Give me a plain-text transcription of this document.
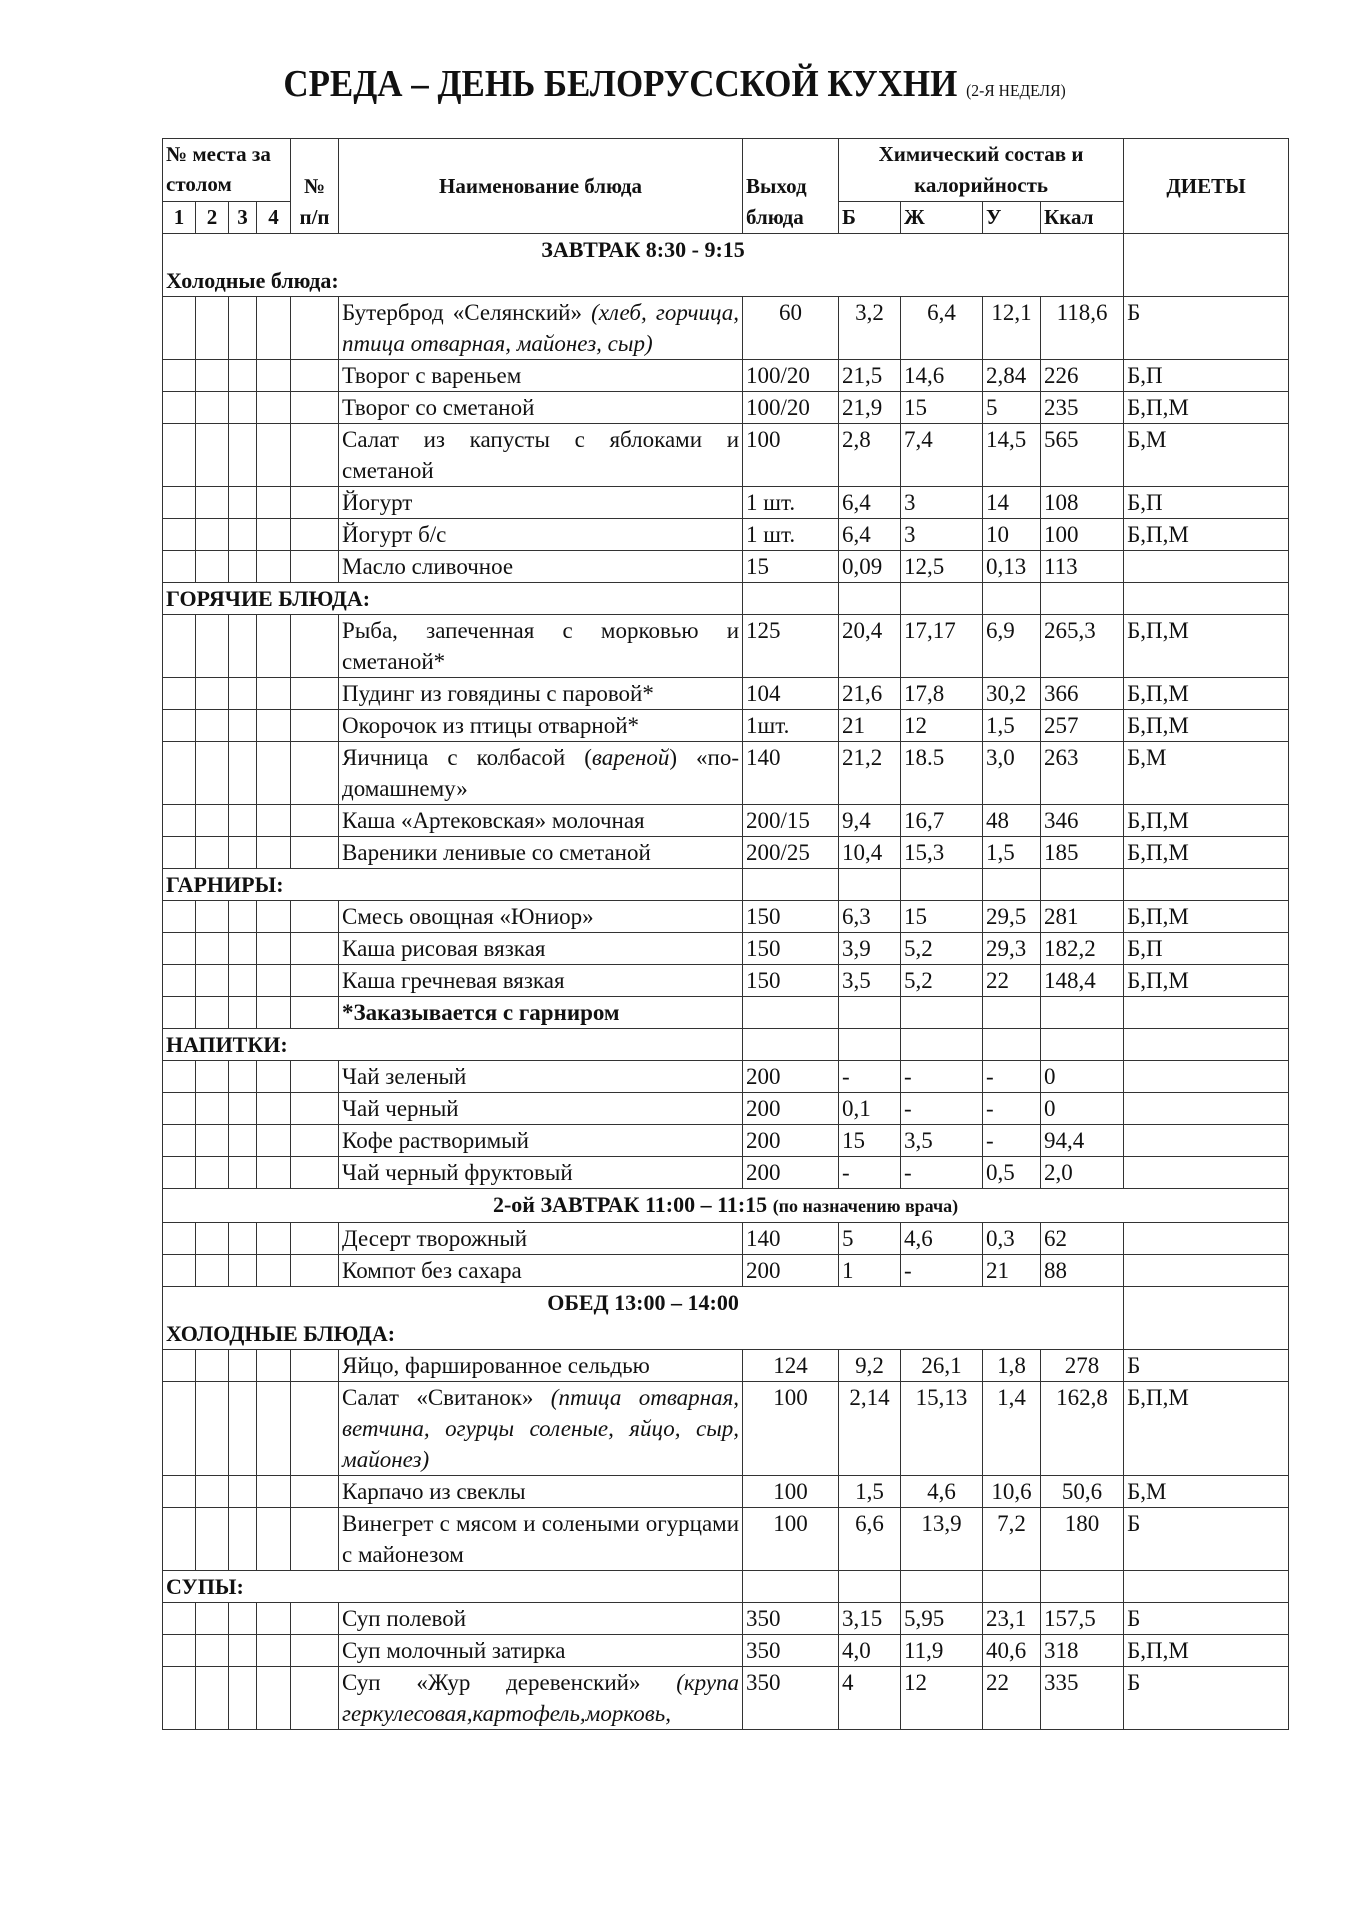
СРЕДА – ДЕНЬ БЕЛОРУССКОЙ КУХНИ (2-Я НЕДЕЛЯ)
№ места за столом				№ п/п	Наименование блюда	Выход блюда	Химический состав и калорийность				ДИЕТЫ
1	2	3	4				Б	Ж	У	Ккал	

ЗАВТРАК 8:30 - 9:15
Холодные блюда:											

					Бутерброд «Селянский» (хлеб, горчица, птица отварная, майонез, сыр)	60	3,2	6,4	12,1	118,6	Б
					Творог с вареньем	100/20	21,5	14,6	2,84	226	Б,П
					Творог со сметаной	100/20	21,9	15	5	235	Б,П,М
					Салат из капусты с яблоками и сметаной	100	2,8	7,4	14,5	565	Б,М
					Йогурт	1 шт.	6,4	3	14	108	Б,П
					Йогурт б/с	1 шт.	6,4	3	10	100	Б,П,М
					Масло сливочное	15	0,09	12,5	0,13	113	
ГОРЯЧИЕ БЛЮДА:											
					Рыба, запеченная с морковью и сметаной*	125	20,4	17,17	6,9	265,3	Б,П,М
					Пудинг из говядины с паровой*	104	21,6	17,8	30,2	366	Б,П,М
					Окорочок из птицы отварной*	1шт.	21	12	1,5	257	Б,П,М
					Яичница с колбасой (вареной) «по-домашнему»	140	21,2	18.5	3,0	263	Б,М
					Каша «Артековская» молочная	200/15	9,4	16,7	48	346	Б,П,М
					Вареники ленивые со сметаной	200/25	10,4	15,3	1,5	185	Б,П,М
ГАРНИРЫ:											
					Смесь овощная «Юниор»	150	6,3	15	29,5	281	Б,П,М
					Каша рисовая вязкая	150	3,9	5,2	29,3	182,2	Б,П
					Каша гречневая вязкая	150	3,5	5,2	22	148,4	Б,П,М
					*Заказывается с гарниром						
НАПИТКИ:											
					Чай зеленый	200	-	-	-	0	
					Чай черный	200	0,1	-	-	0	
					Кофе растворимый	200	15	3,5	-	94,4	
					Чай черный фруктовый	200	-	-	0,5	2,0	

2-ой ЗАВТРАК 11:00 – 11:15 (по назначению врача)											

					Десерт творожный	140	5	4,6	0,3	62	
					Компот без сахара	200	1	-	21	88	

ОБЕД 13:00 – 14:00
ХОЛОДНЫЕ БЛЮДА:											

					Яйцо, фаршированное сельдью	124	9,2	26,1	1,8	278	Б
					Салат «Свитанок» (птица отварная, ветчина, огурцы соленые, яйцо, сыр, майонез)	100	2,14	15,13	1,4	162,8	Б,П,М
					Карпачо из свеклы	100	1,5	4,6	10,6	50,6	Б,М
					Винегрет с мясом и солеными огурцами с майонезом	100	6,6	13,9	7,2	180	Б
СУПЫ:											
					Суп полевой	350	3,15	5,95	23,1	157,5	Б
					Суп молочный затирка	350	4,0	11,9	40,6	318	Б,П,М
					Суп «Жур деревенский» (крупа геркулесовая,картофель,морковь,	350	4	12	22	335	Б
